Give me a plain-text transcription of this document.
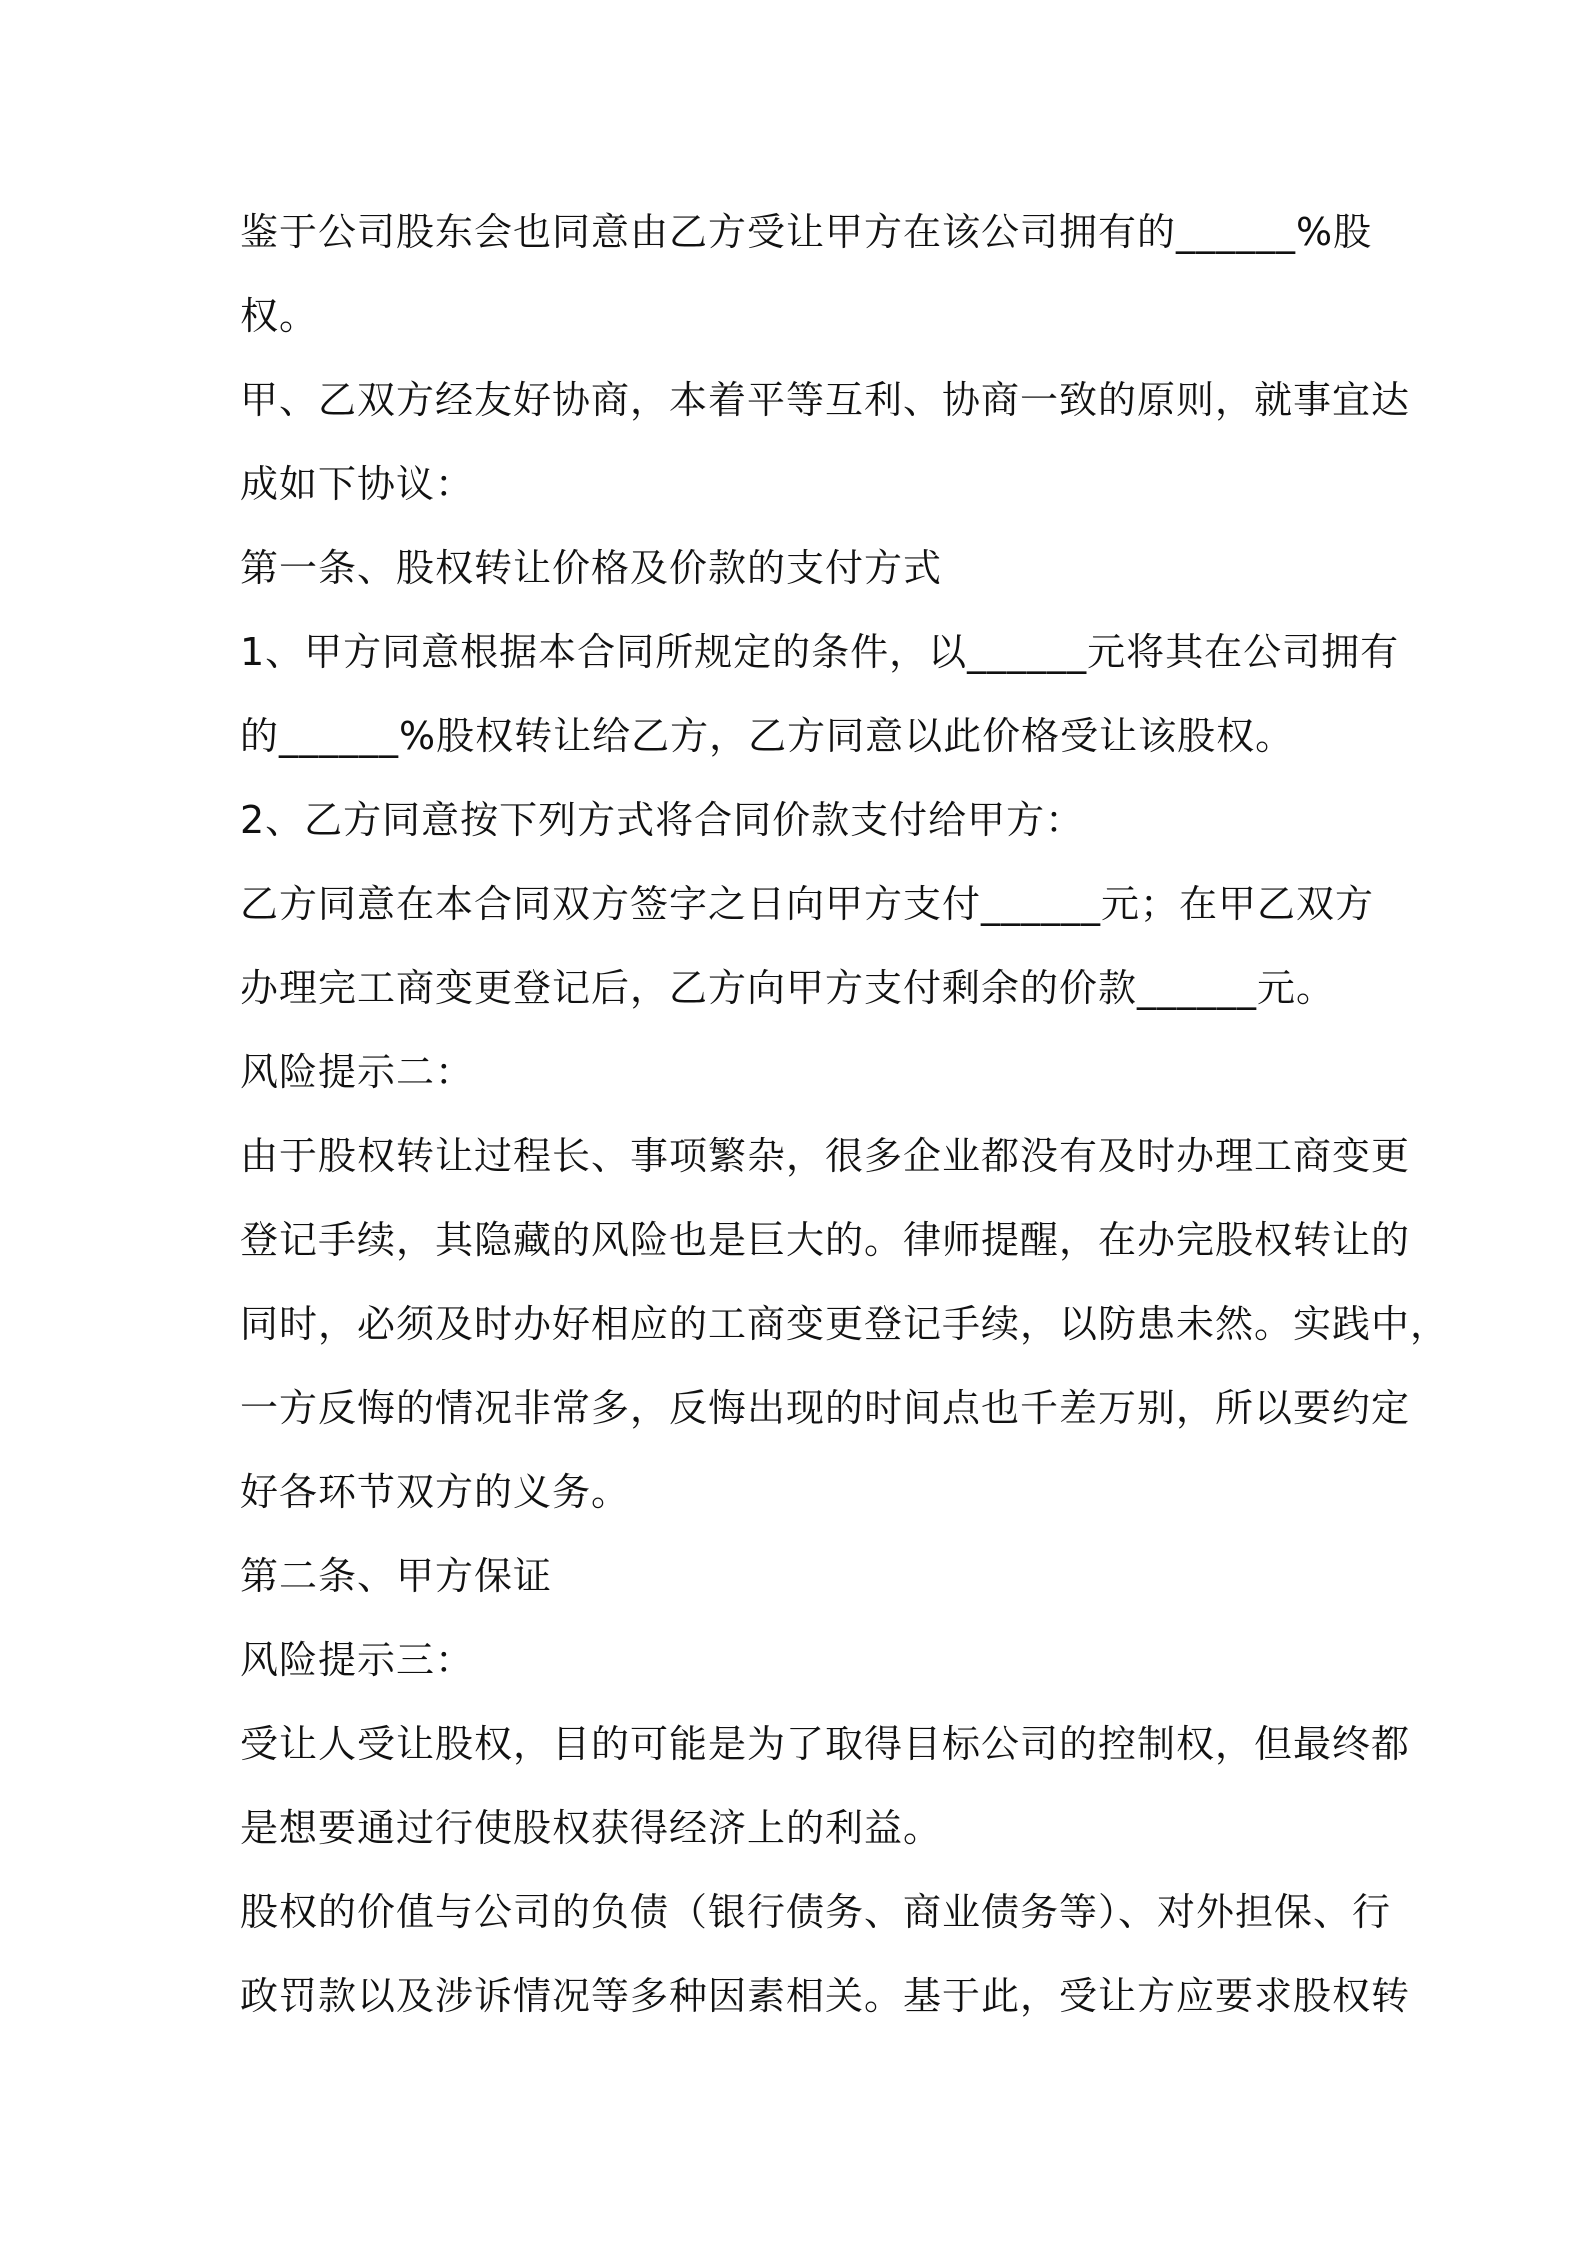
鉴于公司股东会也同意由乙方受让甲方在该公司拥有的______%股
权。

甲、乙双方经友好协商，本着平等互利、协商一致的原则，就事宜达
成如下协议：

第一条、股权转让价格及价款的支付方式

1、甲方同意根据本合同所规定的条件，以______元将其在公司拥有
的______%股权转让给乙方，乙方同意以此价格受让该股权。

2、乙方同意按下列方式将合同价款支付给甲方：

乙方同意在本合同双方签字之日向甲方支付______元；在甲乙双方
办理完工商变更登记后，乙方向甲方支付剩余的价款______元。

风险提示二：

由于股权转让过程长、事项繁杂，很多企业都没有及时办理工商变更
登记手续，其隐藏的风险也是巨大的。律师提醒，在办完股权转让的
同时，必须及时办好相应的工商变更登记手续，以防患未然。实践中，
一方反悔的情况非常多，反悔出现的时间点也千差万别，所以要约定
好各环节双方的义务。

第二条、甲方保证

风险提示三：

受让人受让股权，目的可能是为了取得目标公司的控制权，但最终都
是想要通过行使股权获得经济上的利益。

股权的价值与公司的负债（银行债务、商业债务等）、对外担保、行
政罚款以及涉诉情况等多种因素相关。基于此，受让方应要求股权转
